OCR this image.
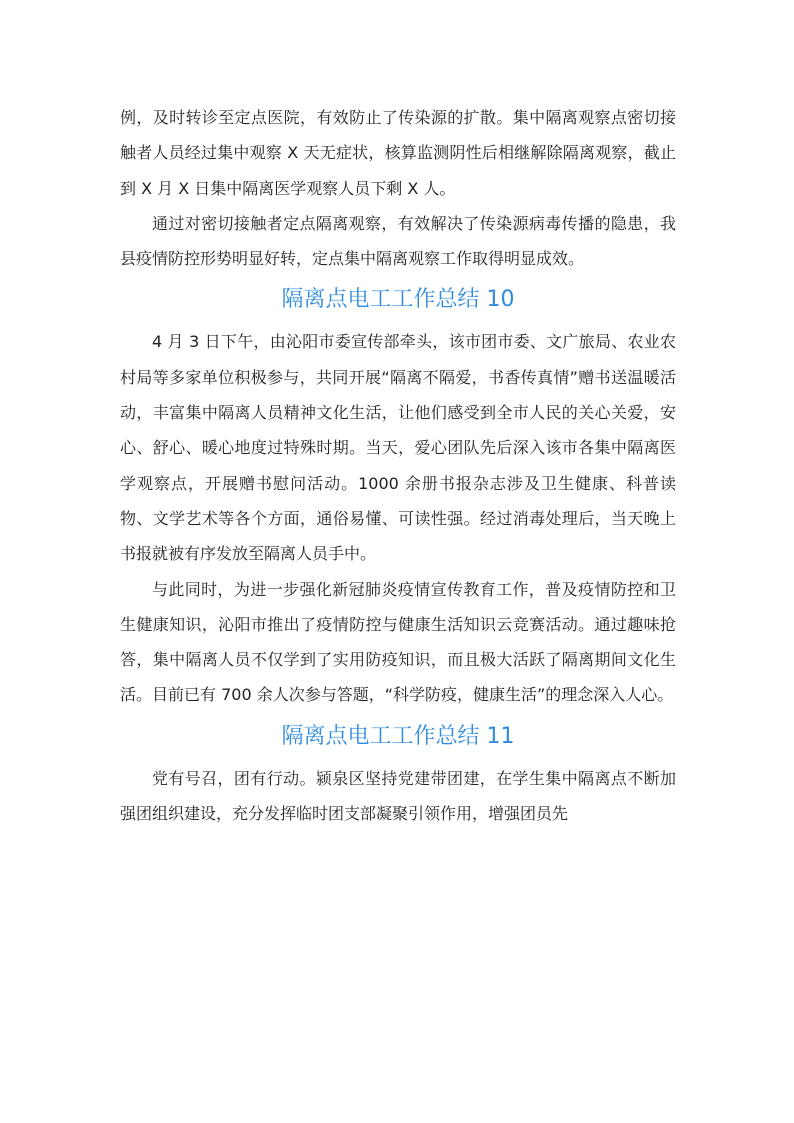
例，及时转诊至定点医院，有效防止了传染源的扩散。集中隔离观察点密切接触者人员经过集中观察 X 天无症状，核算监测阴性后相继解除隔离观察，截止到 X 月 X 日集中隔离医学观察人员下剩 X 人。

通过对密切接触者定点隔离观察，有效解决了传染源病毒传播的隐患，我县疫情防控形势明显好转，定点集中隔离观察工作取得明显成效。

隔离点电工工作总结 10

4 月 3 日下午，由沁阳市委宣传部牵头，该市团市委、文广旅局、农业农村局等多家单位积极参与，共同开展“隔离不隔爱，书香传真情”赠书送温暖活动，丰富集中隔离人员精神文化生活，让他们感受到全市人民的关心关爱，安心、舒心、暖心地度过特殊时期。当天，爱心团队先后深入该市各集中隔离医学观察点，开展赠书慰问活动。1000 余册书报杂志涉及卫生健康、科普读物、文学艺术等各个方面，通俗易懂、可读性强。经过消毒处理后，当天晚上书报就被有序发放至隔离人员手中。

与此同时，为进一步强化新冠肺炎疫情宣传教育工作，普及疫情防控和卫生健康知识，沁阳市推出了疫情防控与健康生活知识云竞赛活动。通过趣味抢答，集中隔离人员不仅学到了实用防疫知识，而且极大活跃了隔离期间文化生活。目前已有 700 余人次参与答题，“科学防疫，健康生活”的理念深入人心。

隔离点电工工作总结 11

党有号召，团有行动。颍泉区坚持党建带团建，在学生集中隔离点不断加强团组织建设，充分发挥临时团支部凝聚引领作用，增强团员先
